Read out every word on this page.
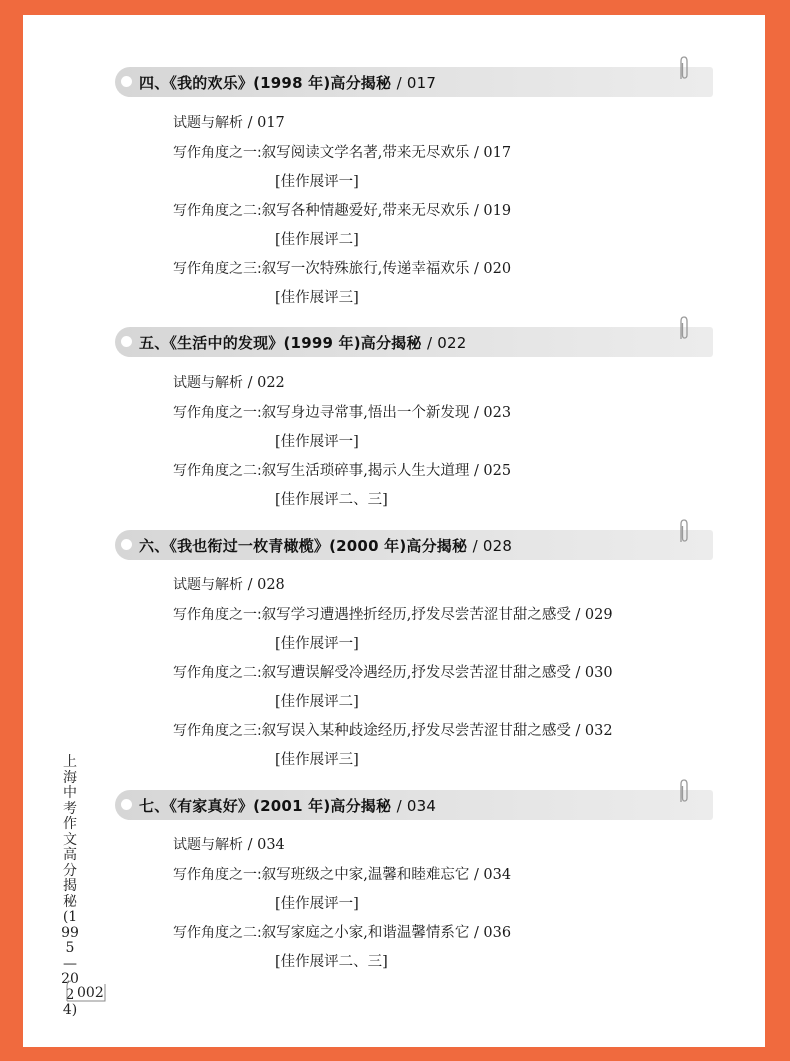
四、《我的欢乐》(1998 年)高分揭秘 / 017
试题与解析 / 017
写作角度之一:叙写阅读文学名著,带来无尽欢乐 / 017
[佳作展评一]
写作角度之二:叙写各种情趣爱好,带来无尽欢乐 / 019
[佳作展评二]
写作角度之三:叙写一次特殊旅行,传递幸福欢乐 / 020
[佳作展评三]
五、《生活中的发现》(1999 年)高分揭秘 / 022
试题与解析 / 022
写作角度之一:叙写身边寻常事,悟出一个新发现 / 023
[佳作展评一]
写作角度之二:叙写生活琐碎事,揭示人生大道理 / 025
[佳作展评二、三]
六、《我也衔过一枚青橄榄》(2000 年)高分揭秘 / 028
试题与解析 / 028
写作角度之一:叙写学习遭遇挫折经历,抒发尽尝苦涩甘甜之感受 / 029
[佳作展评一]
写作角度之二:叙写遭误解受冷遇经历,抒发尽尝苦涩甘甜之感受 / 030
[佳作展评二]
写作角度之三:叙写误入某种歧途经历,抒发尽尝苦涩甘甜之感受 / 032
[佳作展评三]
七、《有家真好》(2001 年)高分揭秘 / 034
试题与解析 / 034
写作角度之一:叙写班级之中家,温馨和睦难忘它 / 034
[佳作展评一]
写作角度之二:叙写家庭之小家,和谐温馨情系它 / 036
[佳作展评二、三]
上海中考作文高分揭秘(1995—2024)
002
